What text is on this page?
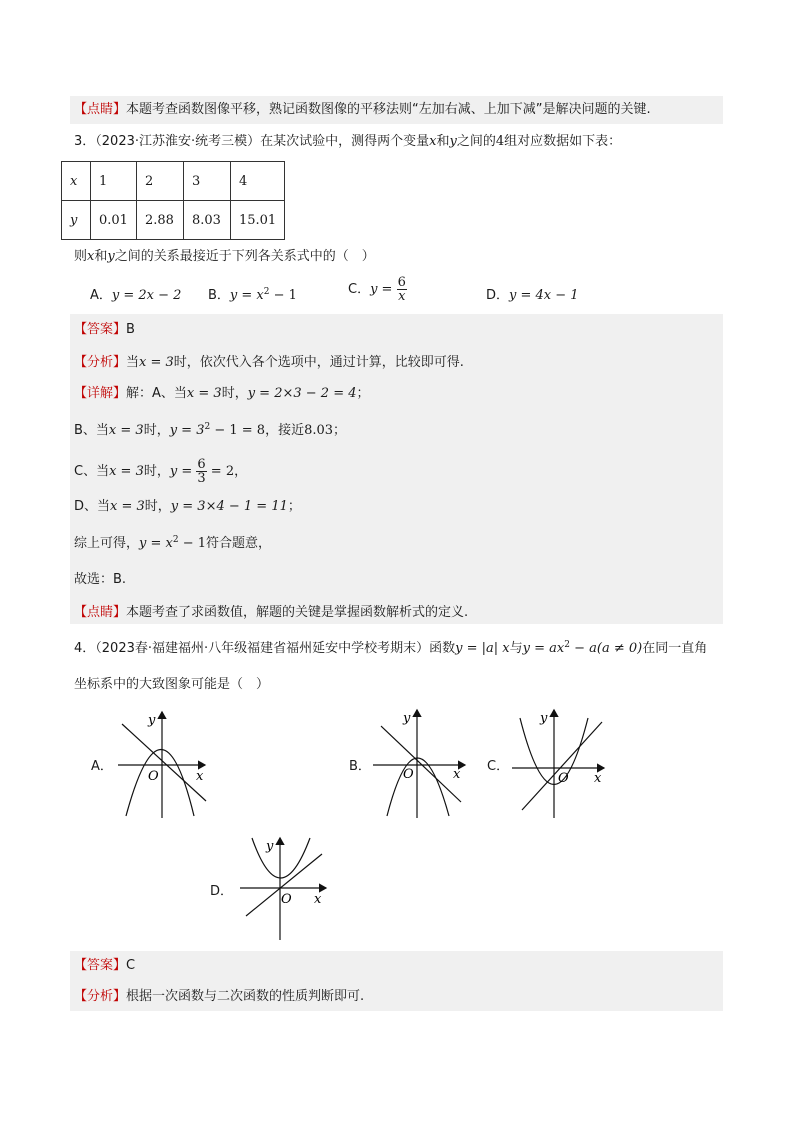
【点睛】本题考查函数图像平移，熟记函数图像的平移法则“左加右减、上加下减”是解决问题的关键.
3．（2023·江苏淮安·统考三模）在某次试验中，测得两个变量x和y之间的4组对应数据如下表：
x	1	2	3	4
y	0.01	2.88	8.03	15.01
则x和y之间的关系最接近于下列各关系式中的（　）
A．y = 2x − 2 B．$y = x^2 - 1$	C．$y = \frac{6}{x}$	D．y = 4x − 1
【答案】B
【分析】当x = 3时，依次代入各个选项中，通过计算，比较即可得.
【详解】解：A、当x = 3时，y = 2×3 − 2 = 4；
B、当x = 3时，$y = 3^2 - 1 = 8$，接近8.03；
C、当x = 3时，$y = \frac{6}{3} = 2$，
D、当x = 3时，y = 3×4 − 1 = 11；
综上可得，$y = x^2 - 1$符合题意，
故选：B.
【点睛】本题考查了求函数值，解题的关键是掌握函数解析式的定义.
4．（2023春·福建福州·八年级福建省福州延安中学校考期末）函数y = |a| x与$y = ax^2 - a(a \ne 0)$在同一直角
坐标系中的大致图象可能是（　）
A．	B．	C．
D．
y
O	x
y
O	x
y
O x
y
O x
【答案】C
【分析】根据一次函数与二次函数的性质判断即可.
